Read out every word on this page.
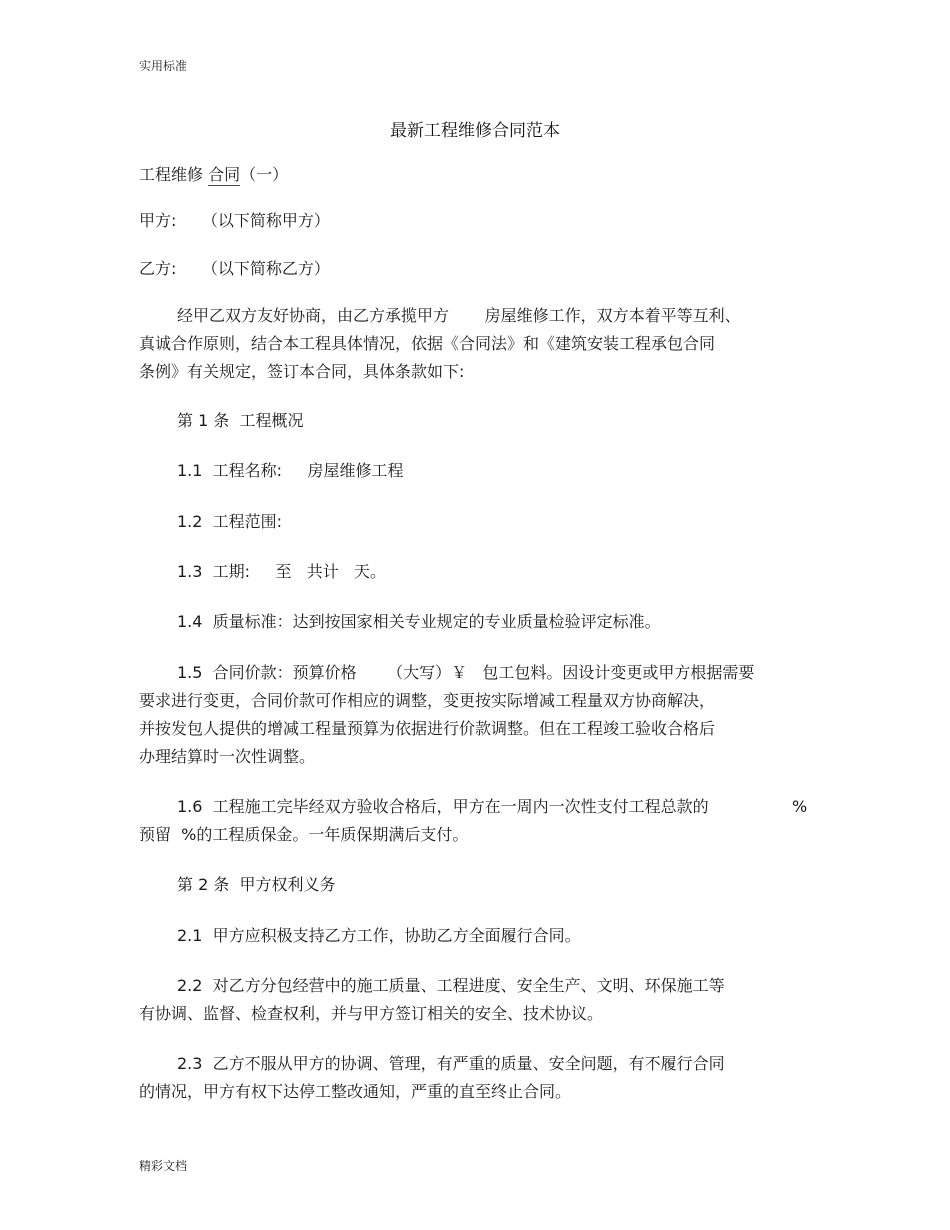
实用标准
最新工程维修合同范本
工程维修 合同（一）
甲方:     （以下简称甲方）
乙方:     （以下简称乙方）
经甲乙双方友好协商，由乙方承揽甲方       房屋维修工作，双方本着平等互利、
真诚合作原则，结合本工程具体情况，依据《合同法》和《建筑安装工程承包合同
条例》有关规定，签订本合同，具体条款如下:
第 1 条  工程概况
1.1  工程名称:     房屋维修工程
1.2  工程范围:
1.3  工期:     至   共计   天。
1.4  质量标准：达到按国家相关专业规定的专业质量检验评定标准。
1.5  合同价款：预算价格      （大写）￥   包工包料。因设计变更或甲方根据需要
要求进行变更，合同价款可作相应的调整，变更按实际增减工程量双方协商解决，
并按发包人提供的增减工程量预算为依据进行价款调整。但在工程竣工验收合格后
办理结算时一次性调整。
1.6  工程施工完毕经双方验收合格后，甲方在一周内一次性支付工程总款的	%
预留  %的工程质保金。一年质保期满后支付。
第 2 条  甲方权利义务
2.1  甲方应积极支持乙方工作，协助乙方全面履行合同。
2.2  对乙方分包经营中的施工质量、工程进度、安全生产、文明、环保施工等
有协调、监督、检查权利，并与甲方签订相关的安全、技术协议。
2.3  乙方不服从甲方的协调、管理，有严重的质量、安全问题，有不履行合同
的情况，甲方有权下达停工整改通知，严重的直至终止合同。
精彩文档
